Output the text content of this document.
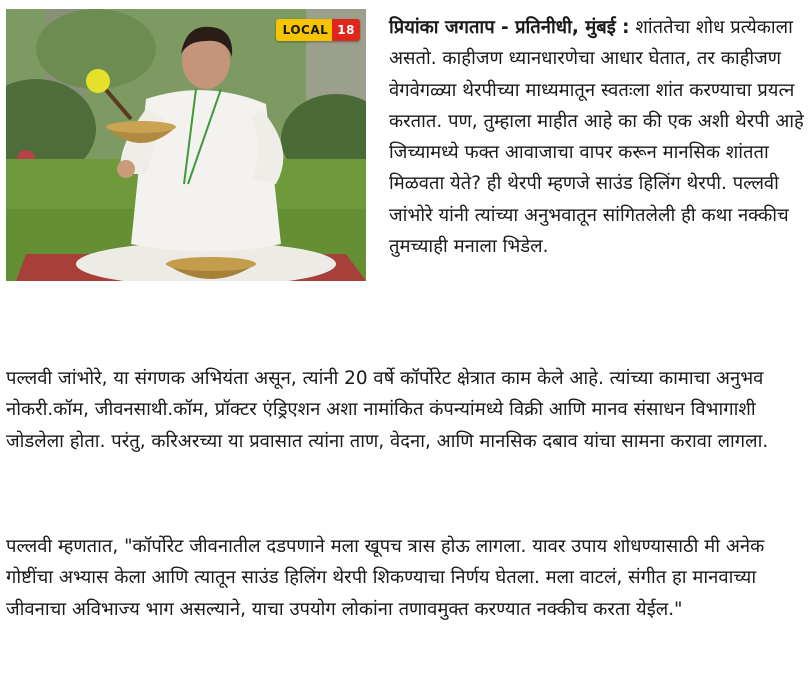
LOCAL 18 प्रियांका जगताप - प्रतिनीधी, मुंबई : शांततेचा शोध प्रत्येकाला असतो. काहीजण ध्यानधारणेचा आधार घेतात, तर काहीजण वेगवेगळ्या थेरपीच्या माध्यमातून स्वतःला शांत करण्याचा प्रयत्न करतात. पण, तुम्हाला माहीत आहे का की एक अशी थेरपी आहे जिच्यामध्ये फक्त आवाजाचा वापर करून मानसिक शांतता मिळवता येते? ही थेरपी म्हणजे साउंड हिलिंग थेरपी. पल्लवी जांभोरे यांनी त्यांच्या अनुभवातून सांगितलेली ही कथा नक्कीच तुमच्याही मनाला भिडेल.

पल्लवी जांभोरे, या संगणक अभियंता असून, त्यांनी 20 वर्षे कॉर्पोरेट क्षेत्रात काम केले आहे. त्यांच्या कामाचा अनुभव नोकरी.कॉम, जीवनसाथी.कॉम, प्रॉक्टर एंड्रिएशन अशा नामांकित कंपन्यांमध्ये विक्री आणि मानव संसाधन विभागाशी जोडलेला होता. परंतु, करिअरच्या या प्रवासात त्यांना ताण, वेदना, आणि मानसिक दबाव यांचा सामना करावा लागला.

पल्लवी म्हणतात, "कॉर्पोरेट जीवनातील दडपणाने मला खूपच त्रास होऊ लागला. यावर उपाय शोधण्यासाठी मी अनेक गोष्टींचा अभ्यास केला आणि त्यातून साउंड हिलिंग थेरपी शिकण्याचा निर्णय घेतला. मला वाटलं, संगीत हा मानवाच्या जीवनाचा अविभाज्य भाग असल्याने, याचा उपयोग लोकांना तणावमुक्त करण्यात नक्कीच करता येईल."
